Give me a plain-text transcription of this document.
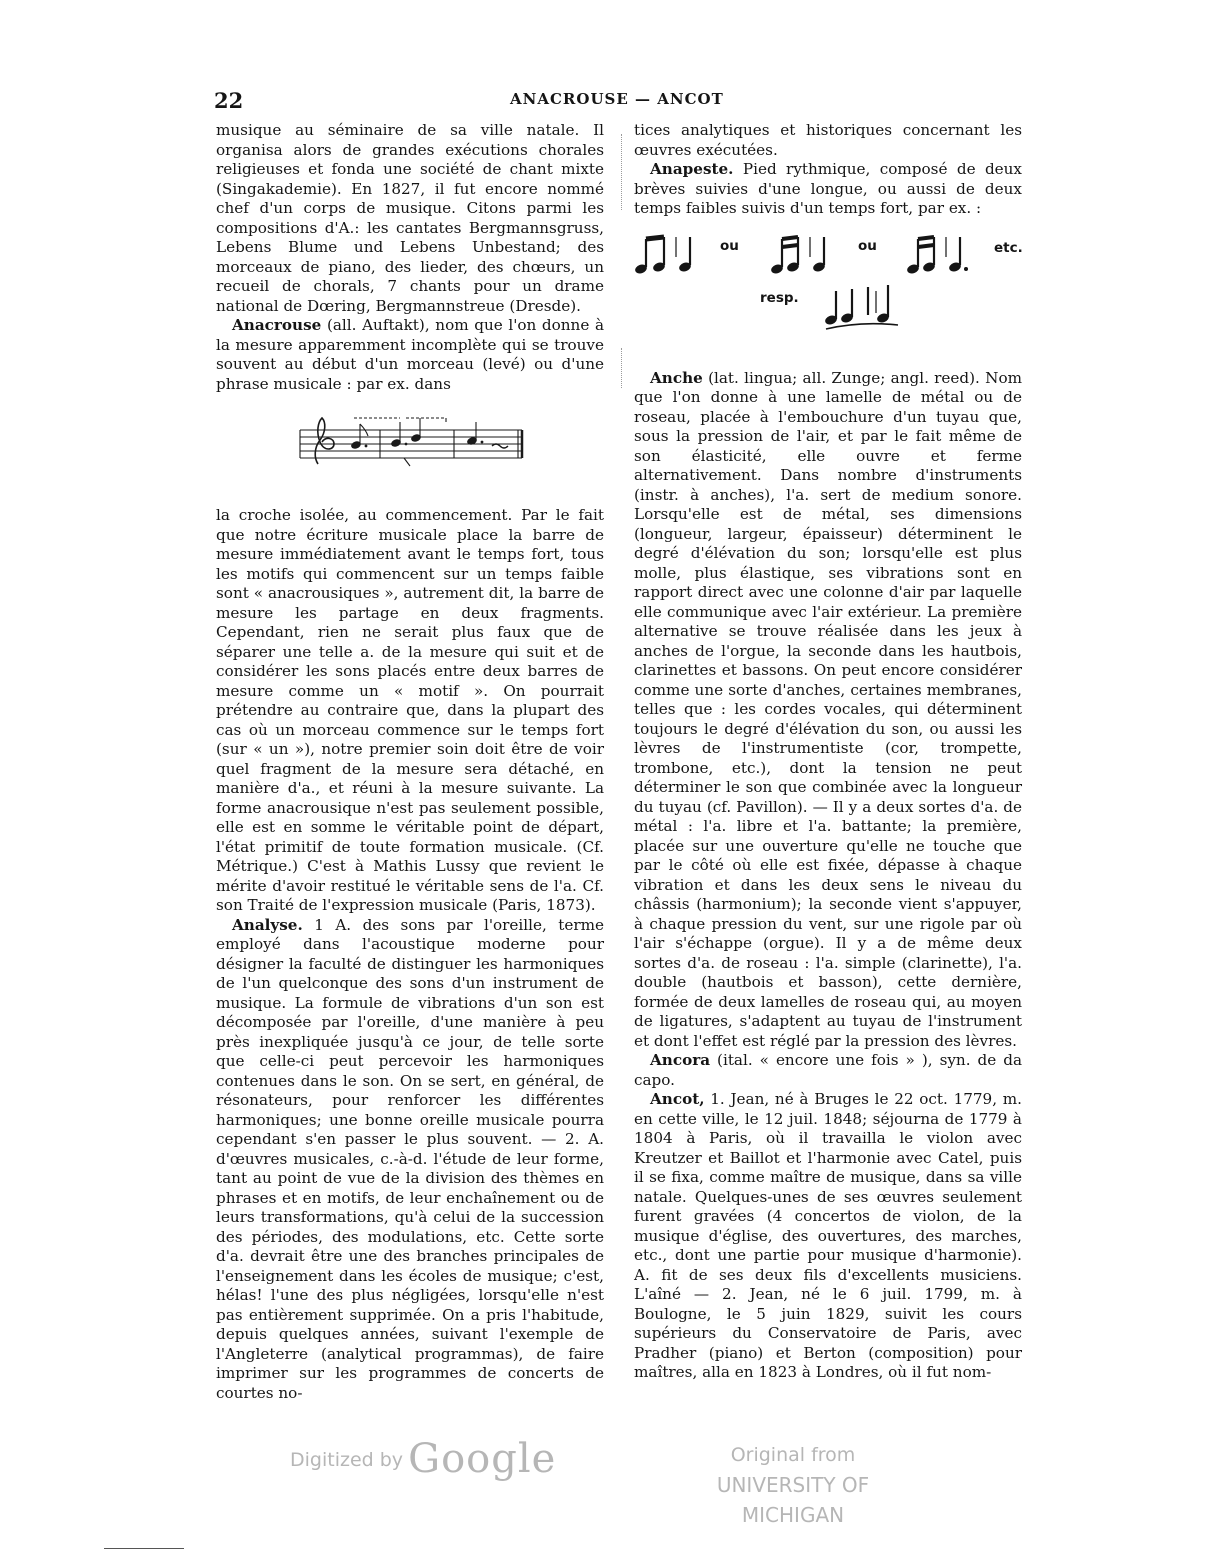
22	ANACROUSE — ANCOT

musique au séminaire de sa ville natale. Il organisa alors de grandes exécutions chorales religieuses et fonda une société de chant mixte (Singakademie). En 1827, il fut encore nommé chef d'un corps de musique. Citons parmi les compositions d'A.: les cantates Bergmannsgruss, Lebens Blume und Lebens Unbestand; des morceaux de piano, des lieder, des chœurs, un recueil de chorals, 7 chants pour un drame national de Dœring, Bergmannstreue (Dresde).

Anacrouse (all. Auftakt), nom que l'on donne à la mesure apparemment incomplète qui se trouve souvent au début d'un morceau (levé) ou d'une phrase musicale : par ex. dans

la croche isolée, au commencement. Par le fait que notre écriture musicale place la barre de mesure immédiatement avant le temps fort, tous les motifs qui commencent sur un temps faible sont « anacrousiques », autrement dit, la barre de mesure les partage en deux fragments. Cependant, rien ne serait plus faux que de séparer une telle a. de la mesure qui suit et de considérer les sons placés entre deux barres de mesure comme un « motif ». On pourrait prétendre au contraire que, dans la plupart des cas où un morceau commence sur le temps fort (sur « un »), notre premier soin doit être de voir quel fragment de la mesure sera détaché, en manière d'a., et réuni à la mesure suivante. La forme anacrousique n'est pas seulement possible, elle est en somme le véritable point de départ, l'état primitif de toute formation musicale. (Cf. Métrique.) C'est à Mathis Lussy que revient le mérite d'avoir restitué le véritable sens de l'a. Cf. son Traité de l'expression musicale (Paris, 1873).

Analyse. 1 A. des sons par l'oreille, terme employé dans l'acoustique moderne pour désigner la faculté de distinguer les harmoniques de l'un quelconque des sons d'un instrument de musique. La formule de vibrations d'un son est décomposée par l'oreille, d'une manière à peu près inexpliquée jusqu'à ce jour, de telle sorte que celle-ci peut percevoir les harmoniques contenues dans le son. On se sert, en général, de résonateurs, pour renforcer les différentes harmoniques; une bonne oreille musicale pourra cependant s'en passer le plus souvent. — 2. A. d'œuvres musicales, c.-à-d. l'étude de leur forme, tant au point de vue de la division des thèmes en phrases et en motifs, de leur enchaînement ou de leurs transformations, qu'à celui de la succession des périodes, des modulations, etc. Cette sorte d'a. devrait être une des branches principales de l'enseignement dans les écoles de musique; c'est, hélas! l'une des plus négligées, lorsqu'elle n'est pas entièrement supprimée. On a pris l'habitude, depuis quelques années, suivant l'exemple de l'Angleterre (analytical programmas), de faire imprimer sur les programmes de concerts de courtes no-

tices analytiques et historiques concernant les œuvres exécutées.

Anapeste. Pied rythmique, composé de deux brèves suivies d'une longue, ou aussi de deux temps faibles suivis d'un temps fort, par ex. :

ou	ou	etc.
resp.

Anche (lat. lingua; all. Zunge; angl. reed). Nom que l'on donne à une lamelle de métal ou de roseau, placée à l'embouchure d'un tuyau que, sous la pression de l'air, et par le fait même de son élasticité, elle ouvre et ferme alternativement. Dans nombre d'instruments (instr. à anches), l'a. sert de medium sonore. Lorsqu'elle est de métal, ses dimensions (longueur, largeur, épaisseur) déterminent le degré d'élévation du son; lorsqu'elle est plus molle, plus élastique, ses vibrations sont en rapport direct avec une colonne d'air par laquelle elle communique avec l'air extérieur. La première alternative se trouve réalisée dans les jeux à anches de l'orgue, la seconde dans les hautbois, clarinettes et bassons. On peut encore considérer comme une sorte d'anches, certaines membranes, telles que : les cordes vocales, qui déterminent toujours le degré d'élévation du son, ou aussi les lèvres de l'instrumentiste (cor, trompette, trombone, etc.), dont la tension ne peut déterminer le son que combinée avec la longueur du tuyau (cf. Pavillon). — Il y a deux sortes d'a. de métal : l'a. libre et l'a. battante; la première, placée sur une ouverture qu'elle ne touche que par le côté où elle est fixée, dépasse à chaque vibration et dans les deux sens le niveau du châssis (harmonium); la seconde vient s'appuyer, à chaque pression du vent, sur une rigole par où l'air s'échappe (orgue). Il y a de même deux sortes d'a. de roseau : l'a. simple (clarinette), l'a. double (hautbois et basson), cette dernière, formée de deux lamelles de roseau qui, au moyen de ligatures, s'adaptent au tuyau de l'instrument et dont l'effet est réglé par la pression des lèvres.

Ancora (ital. « encore une fois » ), syn. de da capo.

Ancot, 1. Jean, né à Bruges le 22 oct. 1779, m. en cette ville, le 12 juil. 1848; séjourna de 1779 à 1804 à Paris, où il travailla le violon avec Kreutzer et Baillot et l'harmonie avec Catel, puis il se fixa, comme maître de musique, dans sa ville natale. Quelques-unes de ses œuvres seulement furent gravées (4 concertos de violon, de la musique d'église, des ouvertures, des marches, etc., dont une partie pour musique d'harmonie). A. fit de ses deux fils d'excellents musiciens. L'aîné — 2. Jean, né le 6 juil. 1799, m. à Boulogne, le 5 juin 1829, suivit les cours supérieurs du Conservatoire de Paris, avec Pradher (piano) et Berton (composition) pour maîtres, alla en 1823 à Londres, où il fut nom-

Digitized by Google	Original from
UNIVERSITY OF MICHIGAN
